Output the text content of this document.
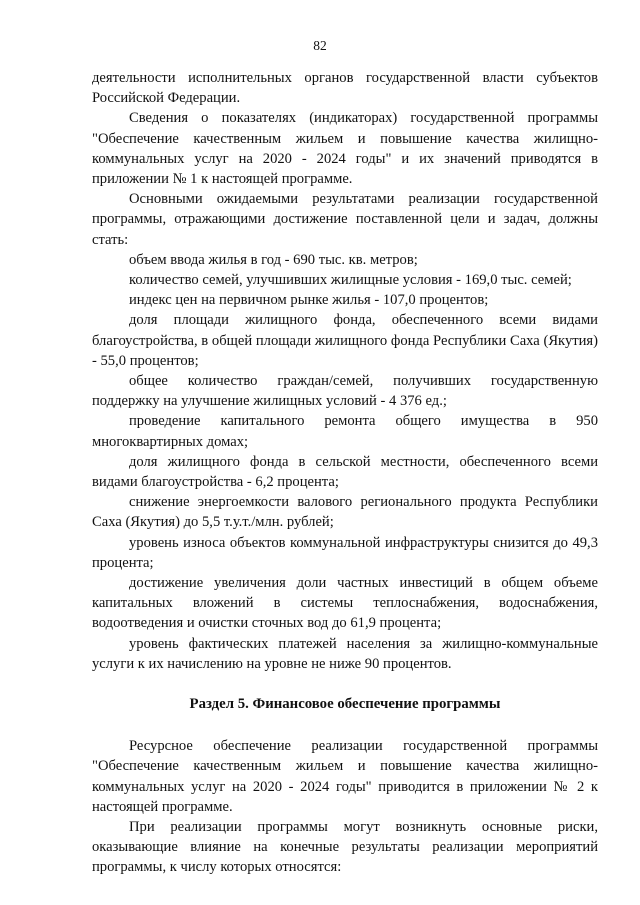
82

деятельности исполнительных органов государственной власти субъектов Российской Федерации.

Сведения о показателях (индикаторах) государственной программы "Обеспечение качественным жильем и повышение качества жилищно-коммунальных услуг на 2020 - 2024 годы" и их значений приводятся в приложении № 1 к настоящей программе.

Основными ожидаемыми результатами реализации государственной программы, отражающими достижение поставленной цели и задач, должны стать:

объем ввода жилья в год - 690 тыс. кв. метров;

количество семей, улучшивших жилищные условия - 169,0 тыс. семей;

индекс цен на первичном рынке жилья - 107,0 процентов;

доля площади жилищного фонда, обеспеченного всеми видами благоустройства, в общей площади жилищного фонда Республики Саха (Якутия) - 55,0 процентов;

общее количество граждан/семей, получивших государственную поддержку на улучшение жилищных условий - 4 376 ед.;

проведение капитального ремонта общего имущества в 950 многоквартирных домах;

доля жилищного фонда в сельской местности, обеспеченного всеми видами благоустройства - 6,2 процента;

снижение энергоемкости валового регионального продукта Республики Саха (Якутия) до 5,5 т.у.т./млн. рублей;

уровень износа объектов коммунальной инфраструктуры снизится до 49,3 процента;

достижение увеличения доли частных инвестиций в общем объеме капитальных вложений в системы теплоснабжения, водоснабжения, водоотведения и очистки сточных вод до 61,9 процента;

уровень фактических платежей населения за жилищно-коммунальные услуги к их начислению на уровне не ниже 90 процентов.

Раздел 5. Финансовое обеспечение программы

Ресурсное обеспечение реализации государственной программы "Обеспечение качественным жильем и повышение качества жилищно-коммунальных услуг на 2020 - 2024 годы" приводится в приложении № 2 к настоящей программе.

При реализации программы могут возникнуть основные риски, оказывающие влияние на конечные результаты реализации мероприятий программы, к числу которых относятся:
